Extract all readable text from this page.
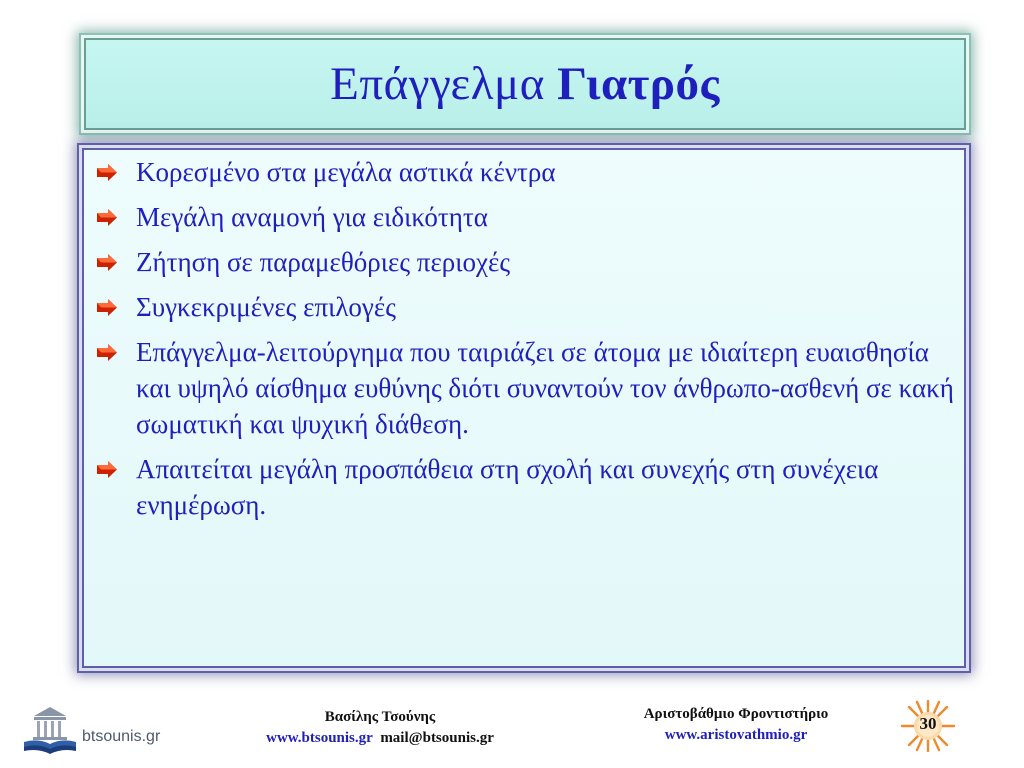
Επάγγελμα Γιατρός
Κορεσμένο στα μεγάλα αστικά κέντρα
Μεγάλη αναμονή για ειδικότητα
Ζήτηση σε παραμεθόριες περιοχές
Συγκεκριμένες επιλογές
Επάγγελμα-λειτούργημα που ταιριάζει σε άτομα με ιδιαίτερη ευαισθησία και υψηλό αίσθημα ευθύνης διότι συναντούν τον άνθρωπο-ασθενή σε κακή σωματική και ψυχική διάθεση.
Απαιτείται μεγάλη προσπάθεια στη σχολή και συνεχής στη συνέχεια ενημέρωση.
btsounis.gr
Βασίλης Τσούνης
www.btsounis.gr mail@btsounis.gr
Αριστοβάθμιο Φροντιστήριο
www.aristovathmio.gr
30
